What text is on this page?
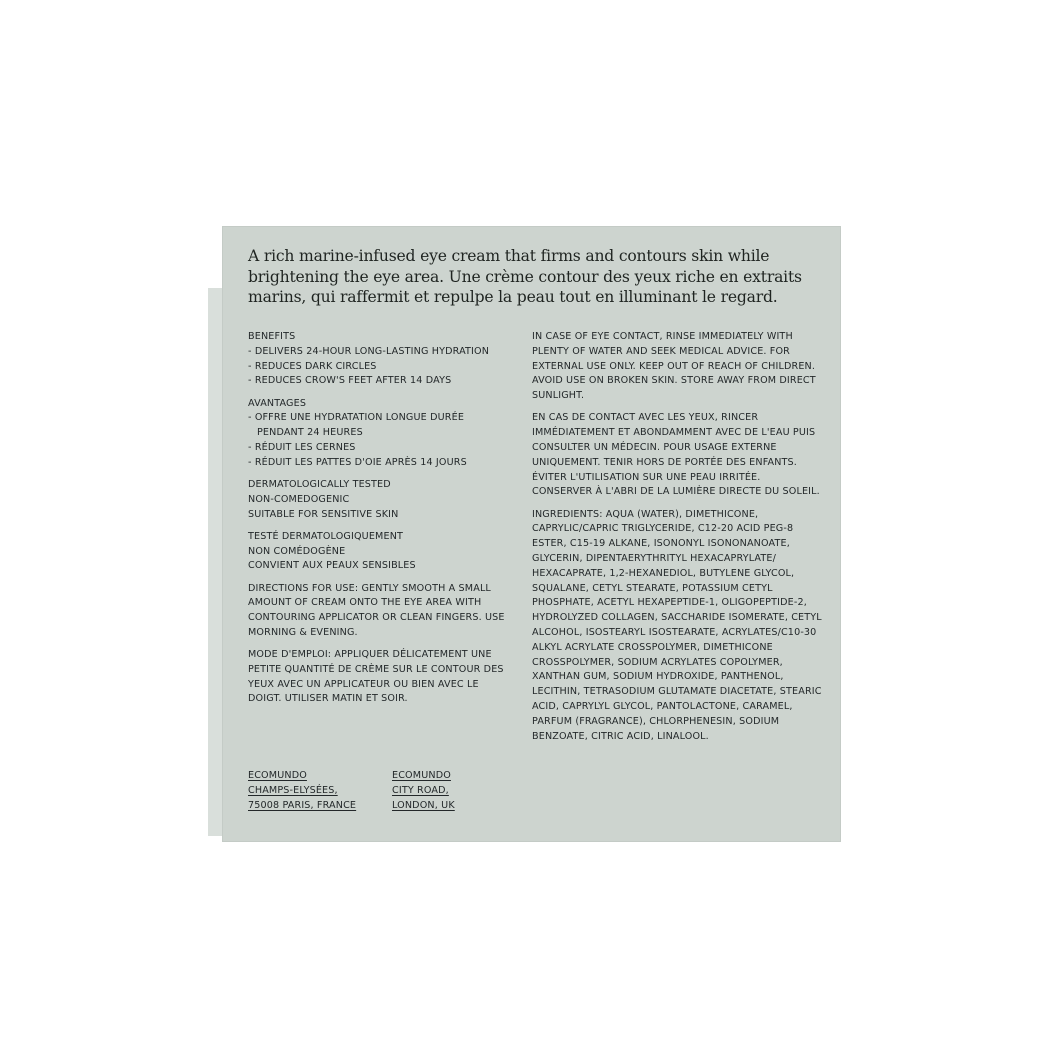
A rich marine-infused eye cream that firms and contours skin while brightening the eye area. Une crème contour des yeux riche en extraits marins, qui raffermit et repulpe la peau tout en illuminant le regard.

BENEFITS

- DELIVERS 24-HOUR LONG-LASTING HYDRATION
- REDUCES DARK CIRCLES
- REDUCES CROW'S FEET AFTER 14 DAYS

AVANTAGES

- OFFRE UNE HYDRATATION LONGUE DURÉE PENDANT 24 HEURES
- RÉDUIT LES CERNES
- RÉDUIT LES PATTES D'OIE APRÈS 14 JOURS

DERMATOLOGICALLY TESTED

NON-COMEDOGENIC

SUITABLE FOR SENSITIVE SKIN

TESTÉ DERMATOLOGIQUEMENT

NON COMÉDOGÈNE

CONVIENT AUX PEAUX SENSIBLES

DIRECTIONS FOR USE: GENTLY SMOOTH A SMALL AMOUNT OF CREAM ONTO THE EYE AREA WITH CONTOURING APPLICATOR OR CLEAN FINGERS. USE MORNING & EVENING.

MODE D'EMPLOI: APPLIQUER DÉLICATEMENT UNE PETITE QUANTITÉ DE CRÈME SUR LE CONTOUR DES YEUX AVEC UN APPLICATEUR OU BIEN AVEC LE DOIGT. UTILISER MATIN ET SOIR.

IN CASE OF EYE CONTACT, RINSE IMMEDIATELY WITH PLENTY OF WATER AND SEEK MEDICAL ADVICE. FOR EXTERNAL USE ONLY. KEEP OUT OF REACH OF CHILDREN. AVOID USE ON BROKEN SKIN. STORE AWAY FROM DIRECT SUNLIGHT.

EN CAS DE CONTACT AVEC LES YEUX, RINCER IMMÉDIATEMENT ET ABONDAMMENT AVEC DE L'EAU PUIS CONSULTER UN MÉDECIN. POUR USAGE EXTERNE UNIQUEMENT. TENIR HORS DE PORTÉE DES ENFANTS. ÉVITER L'UTILISATION SUR UNE PEAU IRRITÉE. CONSERVER À L'ABRI DE LA LUMIÈRE DIRECTE DU SOLEIL.

INGREDIENTS: AQUA (WATER), DIMETHICONE, CAPRYLIC/CAPRIC TRIGLYCERIDE, C12-20 ACID PEG-8 ESTER, C15-19 ALKANE, ISONONYL ISONONANOATE, GLYCERIN, DIPENTAERYTHRITYL HEXACAPRYLATE/ HEXACAPRATE, 1,2-HEXANEDIOL, BUTYLENE GLYCOL, SQUALANE, CETYL STEARATE, POTASSIUM CETYL PHOSPHATE, ACETYL HEXAPEPTIDE-1, OLIGOPEPTIDE-2, HYDROLYZED COLLAGEN, SACCHARIDE ISOMERATE, CETYL ALCOHOL, ISOSTEARYL ISOSTEARATE, ACRYLATES/C10-30 ALKYL ACRYLATE CROSSPOLYMER, DIMETHICONE CROSSPOLYMER, SODIUM ACRYLATES COPOLYMER, XANTHAN GUM, SODIUM HYDROXIDE, PANTHENOL, LECITHIN, TETRASODIUM GLUTAMATE DIACETATE, STEARIC ACID, CAPRYLYL GLYCOL, PANTOLACTONE, CARAMEL, PARFUM (FRAGRANCE), CHLORPHENESIN, SODIUM BENZOATE, CITRIC ACID, LINALOOL.

ECOMUNDO

CHAMPS-ELYSÉES,

75008 PARIS, FRANCE

ECOMUNDO

CITY ROAD,

LONDON, UK
